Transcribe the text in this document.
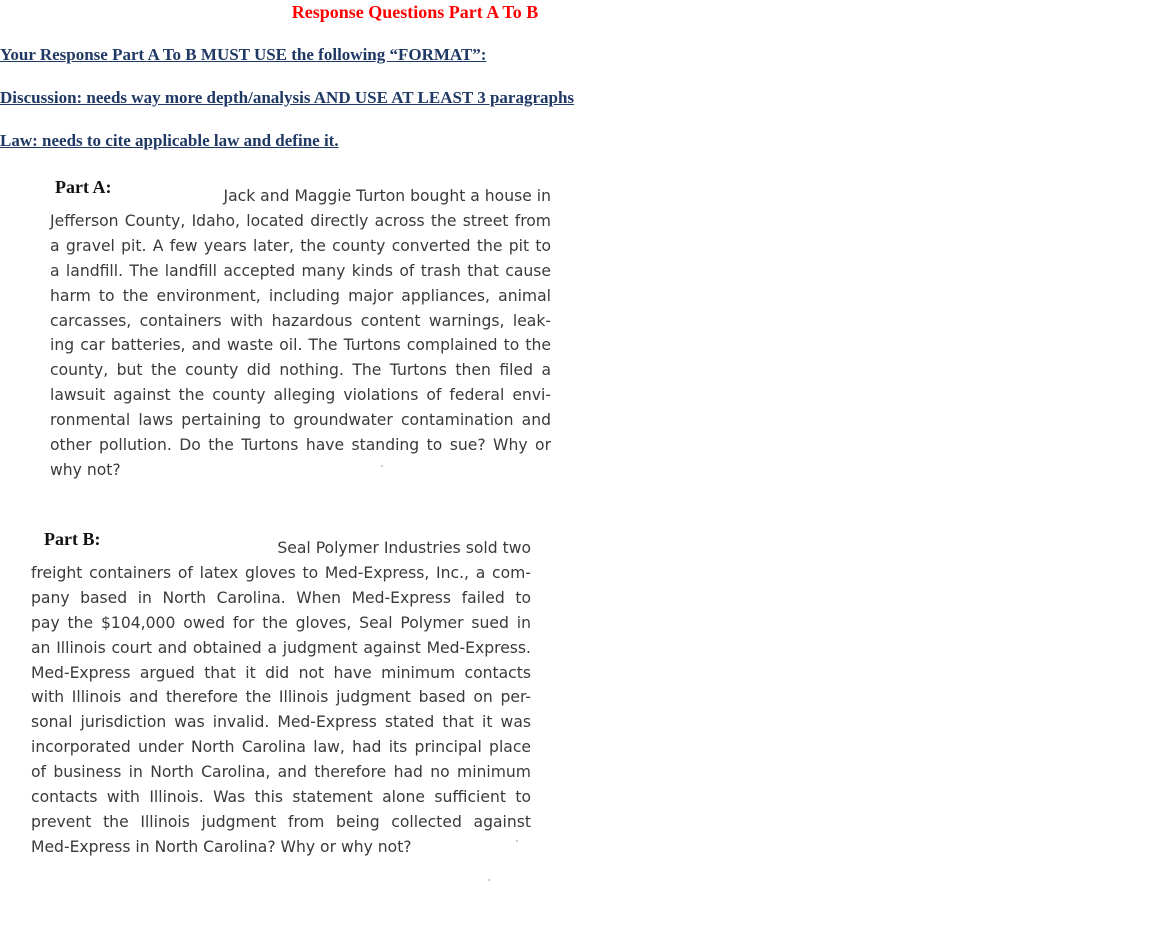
Response Questions Part A To B
Your Response Part A To B MUST USE the following “FORMAT”:
Discussion: needs way more depth/analysis AND USE AT LEAST 3 paragraphs
Law: needs to cite applicable law and define it.
Part A:	Jack and Maggie Turton bought a house in
Jefferson County, Idaho, located directly across the street from
a gravel pit. A few years later, the county converted the pit to
a landfill. The landfill accepted many kinds of trash that cause
harm to the environment, including major appliances, animal
carcasses, containers with hazardous content warnings, leak-
ing car batteries, and waste oil. The Turtons complained to the
county, but the county did nothing. The Turtons then filed a
lawsuit against the county alleging violations of federal envi-
ronmental laws pertaining to groundwater contamination and
other pollution. Do the Turtons have standing to sue? Why or
why not?
Part B:	Seal Polymer Industries sold two
freight containers of latex gloves to Med-Express, Inc., a com-
pany based in North Carolina. When Med-Express failed to
pay the $104,000 owed for the gloves, Seal Polymer sued in
an Illinois court and obtained a judgment against Med-Express.
Med-Express argued that it did not have minimum contacts
with Illinois and therefore the Illinois judgment based on per-
sonal jurisdiction was invalid. Med-Express stated that it was
incorporated under North Carolina law, had its principal place
of business in North Carolina, and therefore had no minimum
contacts with Illinois. Was this statement alone sufficient to
prevent the Illinois judgment from being collected against
Med-Express in North Carolina? Why or why not?
